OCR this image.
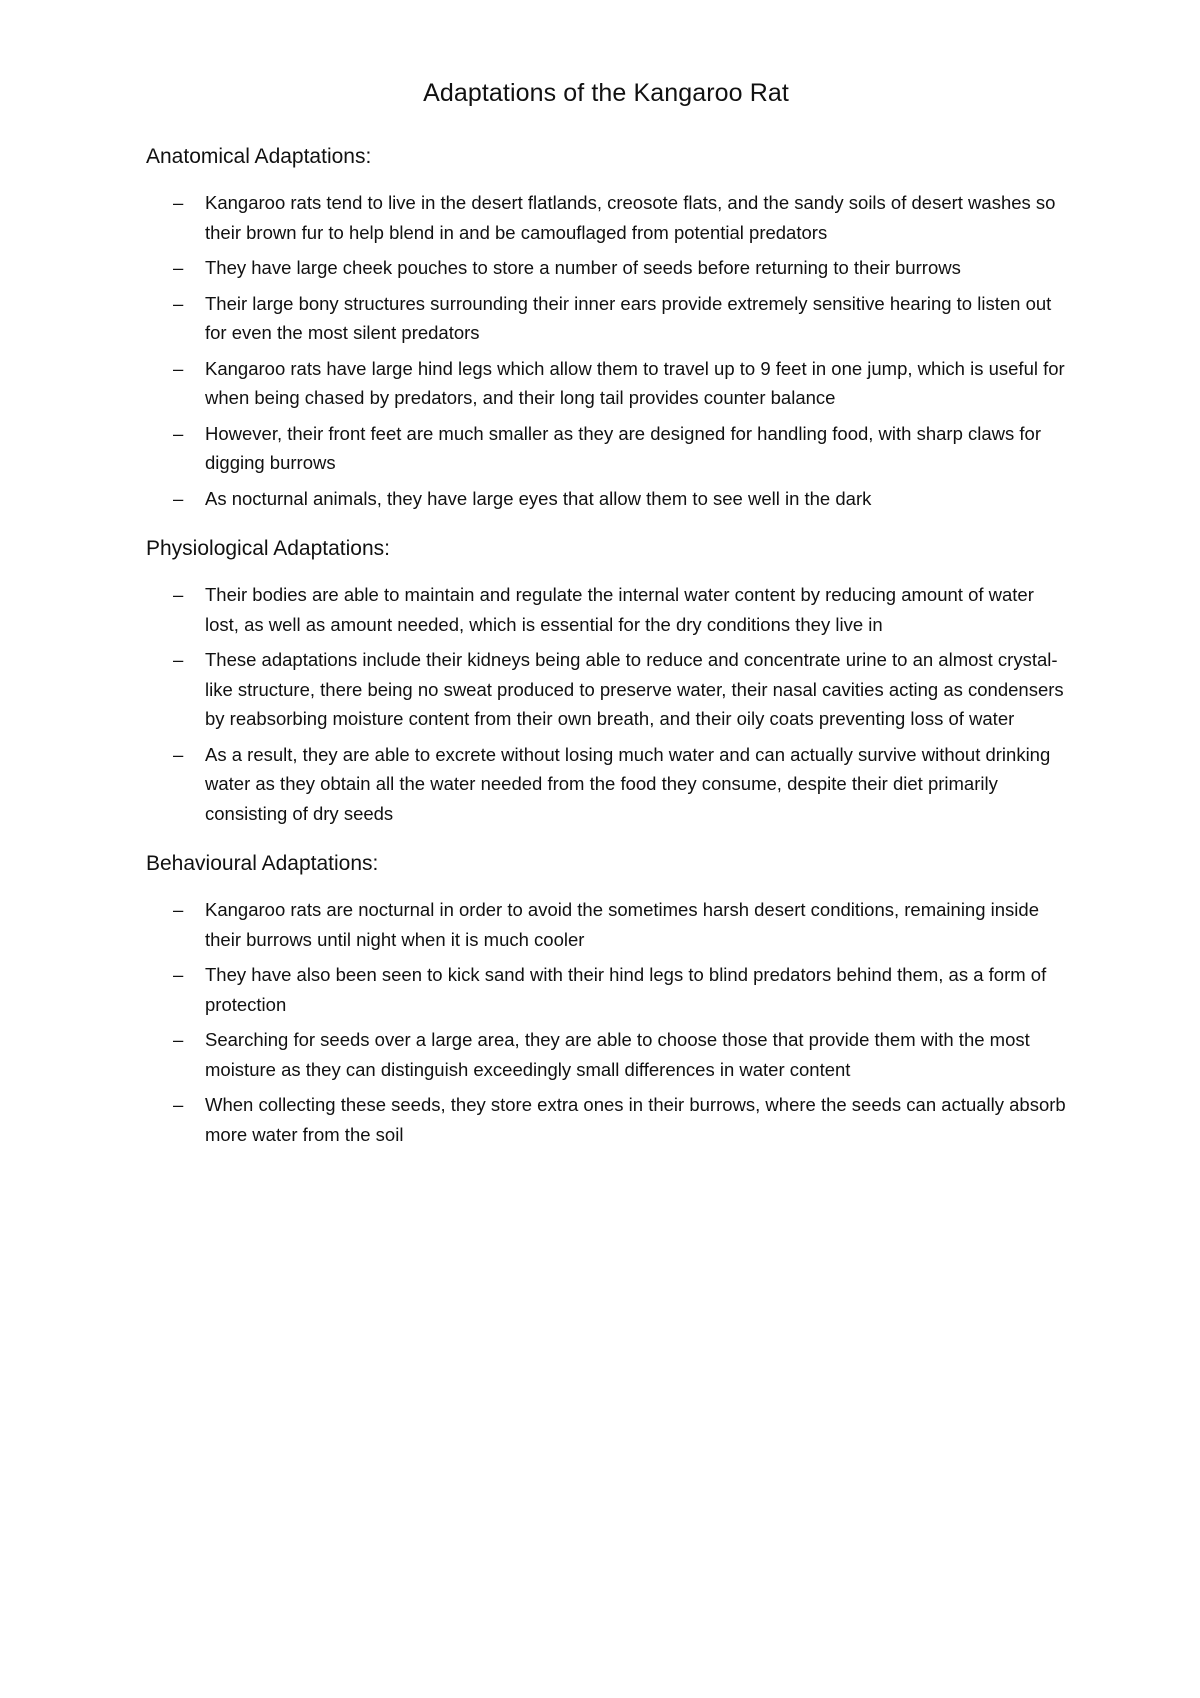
Adaptations of the Kangaroo Rat
Anatomical Adaptations:
–	Kangaroo rats tend to live in the desert flatlands, creosote flats, and the sandy soils of desert washes so their brown fur to help blend in and be camouflaged from potential predators
–	They have large cheek pouches to store a number of seeds before returning to their burrows
–	Their large bony structures surrounding their inner ears provide extremely sensitive hearing to listen out for even the most silent predators
–	Kangaroo rats have large hind legs which allow them to travel up to 9 feet in one jump, which is useful for when being chased by predators, and their long tail provides counter balance
–	However, their front feet are much smaller as they are designed for handling food, with sharp claws for digging burrows
–	As nocturnal animals, they have large eyes that allow them to see well in the dark
Physiological Adaptations:
–	Their bodies are able to maintain and regulate the internal water content by reducing amount of water lost, as well as amount needed, which is essential for the dry conditions they live in
–	These adaptations include their kidneys being able to reduce and concentrate urine to an almost crystal-like structure, there being no sweat produced to preserve water, their nasal cavities acting as condensers by reabsorbing moisture content from their own breath, and their oily coats preventing loss of water
–	As a result, they are able to excrete without losing much water and can actually survive without drinking water as they obtain all the water needed from the food they consume, despite their diet primarily consisting of dry seeds
Behavioural Adaptations:
–	Kangaroo rats are nocturnal in order to avoid the sometimes harsh desert conditions, remaining inside their burrows until night when it is much cooler
–	They have also been seen to kick sand with their hind legs to blind predators behind them, as a form of protection
–	Searching for seeds over a large area, they are able to choose those that provide them with the most moisture as they can distinguish exceedingly small differences in water content
–	When collecting these seeds, they store extra ones in their burrows, where the seeds can actually absorb more water from the soil
